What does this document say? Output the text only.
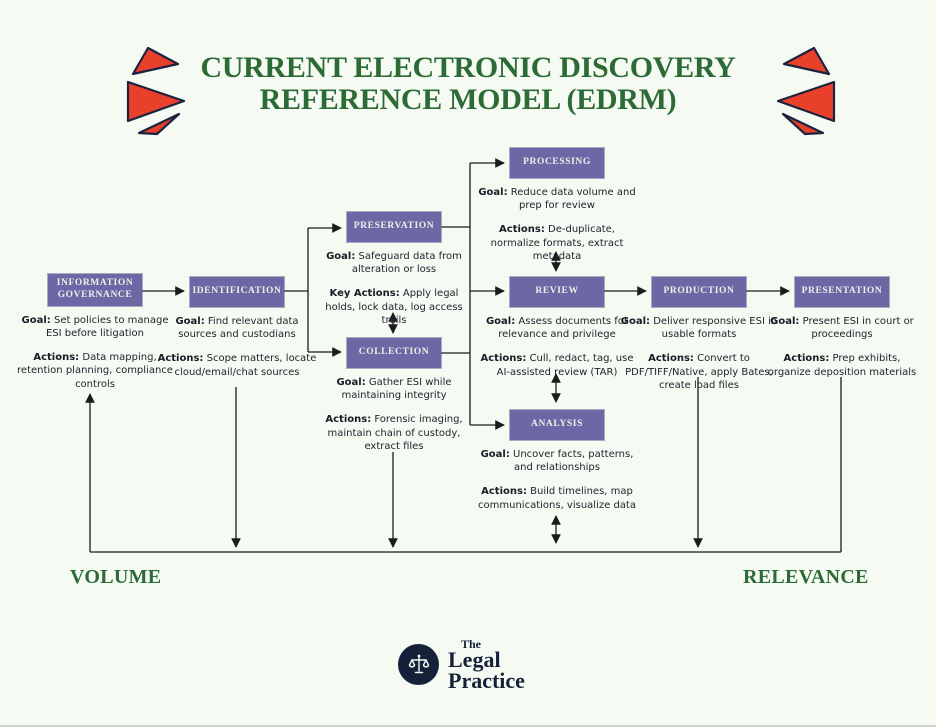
CURRENT ELECTRONIC DISCOVERY
REFERENCE MODEL (EDRM)
INFORMATION GOVERNANCE

Goal: Set policies to manage ESI before litigation

Actions: Data mapping, retention planning, compliance controls

IDENTIFICATION

Goal: Find relevant data sources and custodians

Actions: Scope matters, locate cloud/email/chat sources

PRESERVATION

Goal: Safeguard data from alteration or loss

Key Actions: Apply legal holds, lock data, log access trails

COLLECTION

Goal: Gather ESI while maintaining integrity

Actions: Forensic imaging, maintain chain of custody, extract files

PROCESSING

Goal: Reduce data volume and prep for review

Actions: De-duplicate, normalize formats, extract metadata

REVIEW

Goal: Assess documents for relevance and privilege

Actions: Cull, redact, tag, use AI-assisted review (TAR)

ANALYSIS

Goal: Uncover facts, patterns, and relationships

Actions: Build timelines, map communications, visualize data

PRODUCTION

Goal: Deliver responsive ESI in usable formats

Actions: Convert to PDF/TIFF/Native, apply Bates, create load files

PRESENTATION

Goal: Present ESI in court or proceedings

Actions: Prep exhibits, organize deposition materials

VOLUME	RELEVANCE
The
Legal
Practice
